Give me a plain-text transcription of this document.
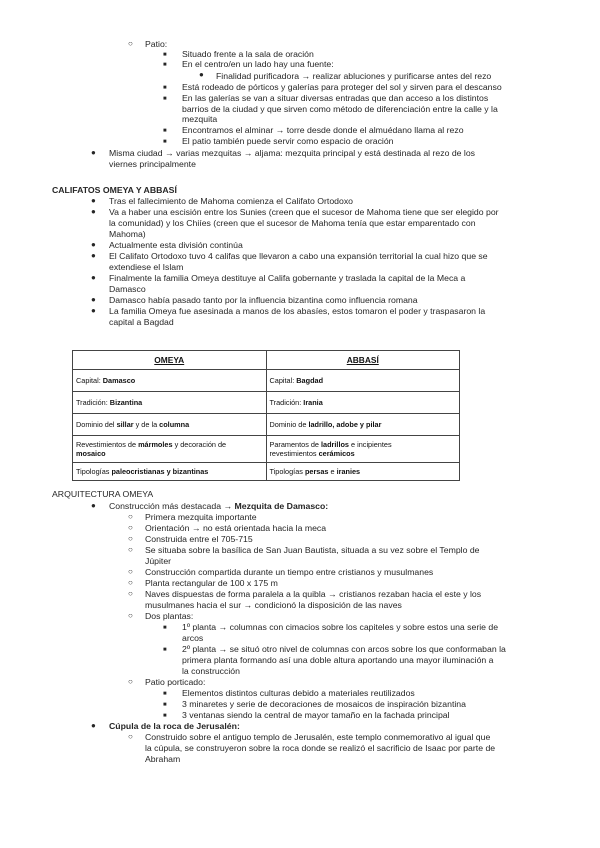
○ Patio:
■ Situado frente a la sala de oración
■ En el centro/en un lado hay una fuente:
● Finalidad purificadora → realizar abluciones y purificarse antes del rezo
■ Está rodeado de pórticos y galerías para proteger del sol y sirven para el descanso
■ En las galerías se van a situar diversas entradas que dan acceso a los distintos
barrios de la ciudad y que sirven como método de diferenciación entre la calle y la
mezquita
■ Encontramos el alminar → torre desde donde el almuédano llama al rezo
■ El patio también puede servir como espacio de oración
● Misma ciudad → varias mezquitas → aljama: mezquita principal y está destinada al rezo de los
viernes principalmente
CALIFATOS OMEYA Y ABBASÍ
● Tras el fallecimiento de Mahoma comienza el Califato Ortodoxo
● Va a haber una escisión entre los Sunies (creen que el sucesor de Mahoma tiene que ser elegido por
la comunidad) y los Chiíes (creen que el sucesor de Mahoma tenía que estar emparentado con
Mahoma)
● Actualmente esta división continúa
● El Califato Ortodoxo tuvo 4 califas que llevaron a cabo una expansión territorial la cual hizo que se
extendiese el Islam
● Finalmente la familia Omeya destituye al Califa gobernante y traslada la capital de la Meca a
Damasco
● Damasco había pasado tanto por la influencia bizantina como influencia romana
● La familia Omeya fue asesinada a manos de los abasíes, estos tomaron el poder y traspasaron la
capital a Bagdad
OMEYA	ABBASÍ
Capital: Damasco	Capital: Bagdad
Tradición: Bizantina	Tradición: Irania
Dominio del sillar y de la columna	Dominio de ladrillo, adobe y pilar
Revestimientos de mármoles y decoración de
mosaico	Paramentos de ladrillos e incipientes
revestimientos cerámicos
Tipologías paleocristianas y bizantinas	Tipologías persas e iranies
ARQUITECTURA OMEYA
● Construcción más destacada → Mezquita de Damasco:
○ Primera mezquita importante
○ Orientación → no está orientada hacia la meca
○ Construida entre el 705-715
○ Se situaba sobre la basílica de San Juan Bautista, situada a su vez sobre el Templo de
Júpiter
○ Construcción compartida durante un tiempo entre cristianos y musulmanes
○ Planta rectangular de 100 x 175 m
○ Naves dispuestas de forma paralela a la quibla → cristianos rezaban hacia el este y los
musulmanes hacia el sur → condicionó la disposición de las naves
○ Dos plantas:
■ 1º planta → columnas con cimacios sobre los capiteles y sobre estos una serie de
arcos
■ 2º planta → se situó otro nivel de columnas con arcos sobre los que conformaban la
primera planta formando así una doble altura aportando una mayor iluminación a
la construcción
○ Patio porticado:
■ Elementos distintos culturas debido a materiales reutilizados
■ 3 minaretes y serie de decoraciones de mosaicos de inspiración bizantina
■ 3 ventanas siendo la central de mayor tamaño en la fachada principal
● Cúpula de la roca de Jerusalén:
○ Construido sobre el antiguo templo de Jerusalén, este templo conmemorativo al igual que
la cúpula, se construyeron sobre la roca donde se realizó el sacrificio de Isaac por parte de
Abraham
